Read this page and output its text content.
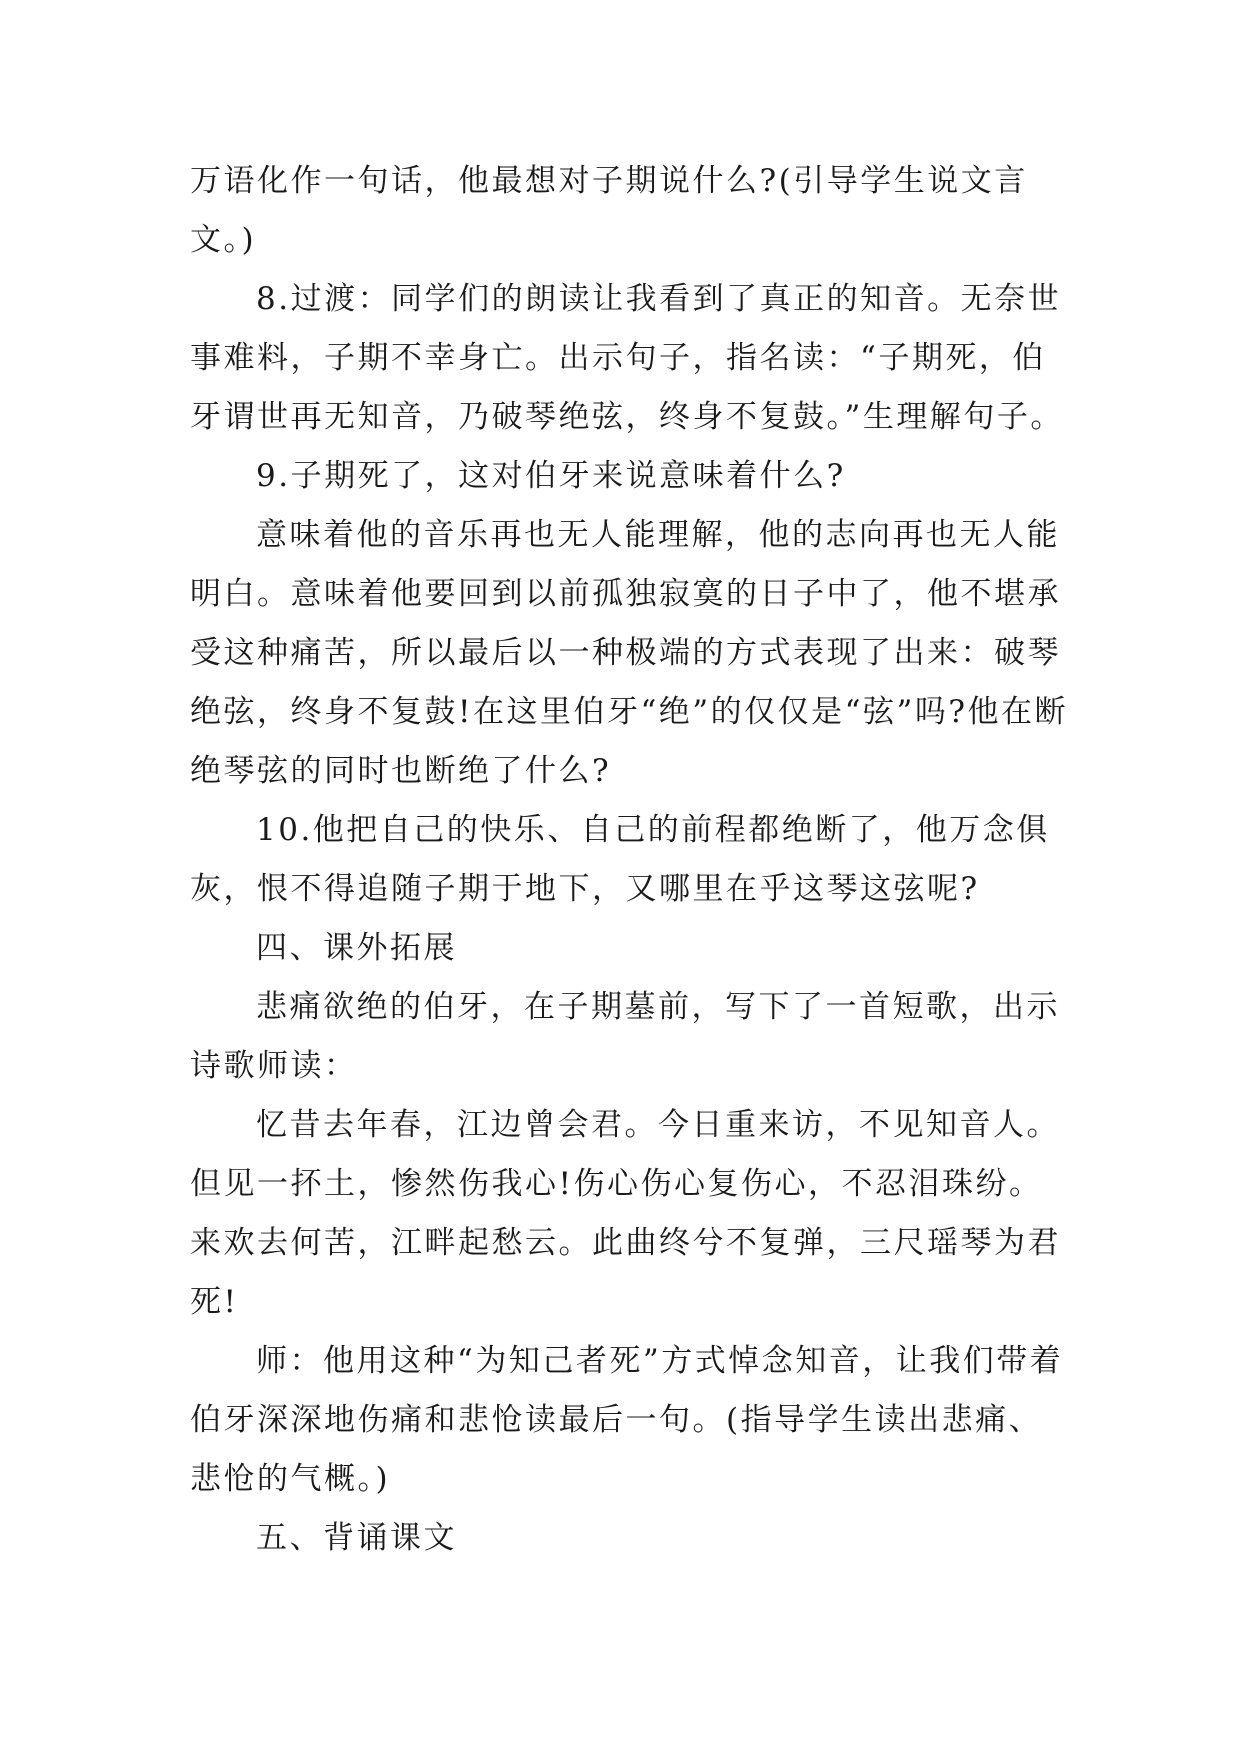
万语化作一句话，他最想对子期说什么?(引导学生说文言文。)

8.过渡：同学们的朗读让我看到了真正的知音。无奈世事难料，子期不幸身亡。出示句子，指名读：“子期死，伯牙谓世再无知音，乃破琴绝弦，终身不复鼓。”生理解句子。

9.子期死了，这对伯牙来说意味着什么?

意味着他的音乐再也无人能理解，他的志向再也无人能明白。意味着他要回到以前孤独寂寞的日子中了，他不堪承受这种痛苦，所以最后以一种极端的方式表现了出来：破琴绝弦，终身不复鼓!在这里伯牙“绝”的仅仅是“弦”吗?他在断绝琴弦的同时也断绝了什么?

10.他把自己的快乐、自己的前程都绝断了，他万念俱灰，恨不得追随子期于地下，又哪里在乎这琴这弦呢?

四、课外拓展

悲痛欲绝的伯牙，在子期墓前，写下了一首短歌，出示诗歌师读：

忆昔去年春，江边曾会君。今日重来访，不见知音人。但见一抔土，惨然伤我心!伤心伤心复伤心，不忍泪珠纷。来欢去何苦，江畔起愁云。此曲终兮不复弹，三尺瑶琴为君死!

师：他用这种“为知己者死”方式悼念知音，让我们带着伯牙深深地伤痛和悲怆读最后一句。(指导学生读出悲痛、悲怆的气概。)

五、背诵课文
